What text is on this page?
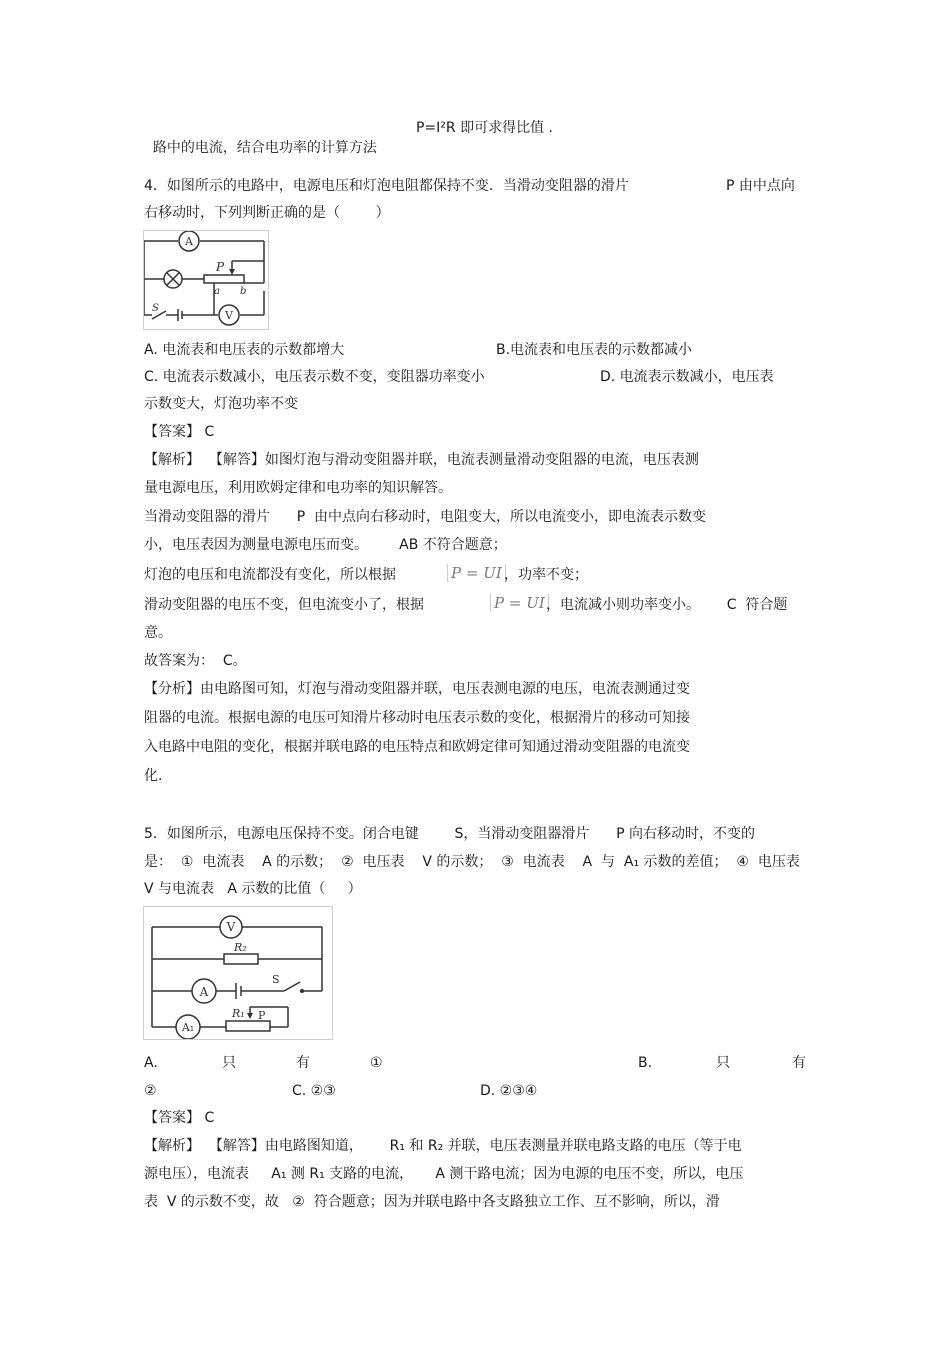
路中的电流，结合电功率的计算方法

P=I²R 即可求得比值 .
4．如图所示的电路中，电源电压和灯泡电阻都保持不变．当滑动变阻器的滑片	P 由中点向
右移动时，下列判断正确的是（        ）
A
V
P
a b
S
A. 电流表和电压表的示数都增大	B.电流表和电压表的示数都减小
C. 电流表示数减小，电压表示数不变，变阻器功率变小	D. 电流表示数减小，电压表
示数变大，灯泡功率不变
【答案】 C
【解析】  【解答】如图灯泡与滑动变阻器并联，电流表测量滑动变阻器的电流，电压表测
量电源电压，利用欧姆定律和电功率的知识解答。
当滑动变阻器的滑片      P  由中点向右移动时，电阻变大，所以电流变小，即电流表示数变
小，电压表因为测量电源电压而变。       AB 不符合题意；
灯泡的电压和电流都没有变化，所以根据	P = UI ，功率不变；
滑动变阻器的电压不变，但电流变小了，根据	P = UI ，电流减小则功率变小。      C  符合题
意。
故答案为：  C。
【分析】由电路图可知，灯泡与滑动变阻器并联，电压表测电源的电压，电流表测通过变
阻器的电流。根据电源的电压可知滑片移动时电压表示数的变化，根据滑片的移动可知接
入电路中电阻的变化，根据并联电路的电压特点和欧姆定律可知通过滑动变阻器的电流变
化.
5．如图所示，电源电压保持不变。闭合电键        S，当滑动变阻器滑片      P 向右移动时，不变的
是：  ①  电流表    A 的示数；  ②  电压表    V 的示数；  ③  电流表    A  与  A₁ 示数的差值；  ④  电压表
V 与电流表   A 示数的比值（     ）
V
A
A₁
R₂
S
R₁ P
A.	只	有	①	B.	只	有
②	C. ②③	D. ②③④
【答案】 C
【解析】  【解答】由电路图知道，      R₁ 和 R₂ 并联，电压表测量并联电路支路的电压（等于电
源电压），电流表     A₁ 测 R₁ 支路的电流，     A 测干路电流；因为电源的电压不变，所以，电压
表  V 的示数不变，故   ②  符合题意；因为并联电路中各支路独立工作、互不影响，所以，滑
